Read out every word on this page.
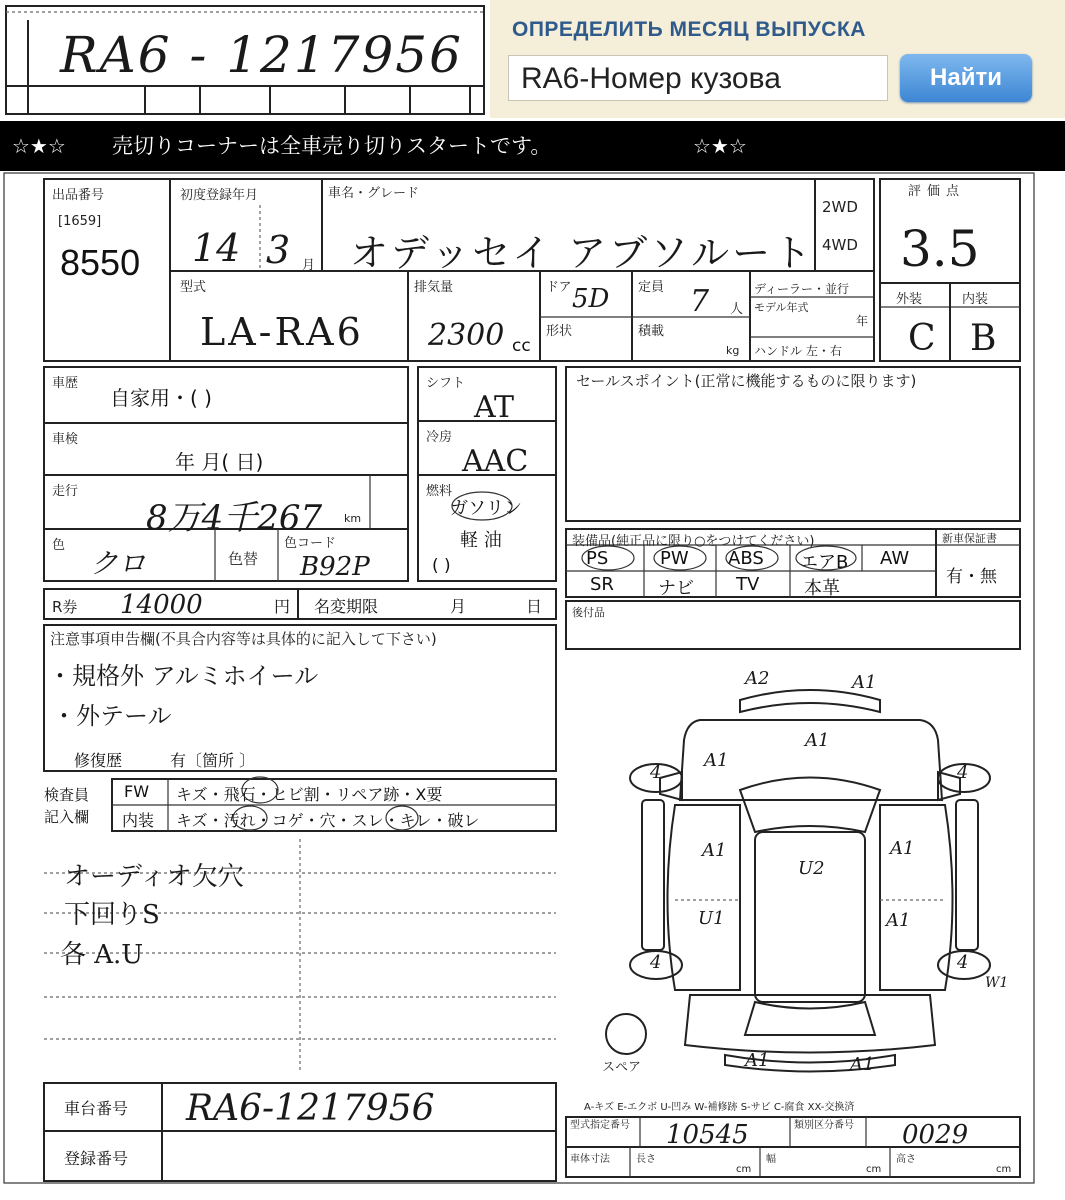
RA6 - 1217956 ОПРЕДЕЛИТЬ МЕСЯЦ ВЫПУСКА
RA6-Номер кузова	Найти
☆★☆ 売切りコーナーは全車売り切りスタートです。	☆★☆
A2	A1
A1
A1
U2
A1	A1
U1	A1
A1	A1
W1
4	4
4	4
スペア
出品番号
[1659]
8550
初度登録年月
14 3 月
車名・グレード
オデッセイ アブソルート
2WD
4WD
評価点
3.5
外装	内装
C B
型式
LA-RA6
排気量
2300 cc
ドア 5D
形状
定員 7 人
積載
kg
ディーラー・並行
モデル年式
年
ハンドル 左・右
車歴
自家用・( )
車検
年 月( 日)
走行
8万4千267 km
色
クロ	色替
色コード
B92P
シフト
AT
冷房
AAC
燃料
ガソリン
軽 油
( )
セールスポイント(正常に機能するものに限ります)
装備品(純正品に限り○をつけてください)
PS	PW ABS エアB AW
SR ナビ TV 本革
新車保証書
有・無
R券 14000	円 名変期限	月	日	後付品
注意事項申告欄(不具合内容等は具体的に記入して下さい)
・規格外 アルミホイール
・外テール
修復歴	有〔箇所 〕
検査員
記入欄
FW キズ・飛石・ヒビ割・リペア跡・X要
内装 キズ・汚れ・コゲ・穴・スレ・キレ・破レ
オーディオ欠穴
下回りS
各 A.U
A-キズ E-エクボ U-凹み W-補修跡 S-サビ C-腐食 XX-交換済
車台番号 RA6-1217956
登録番号
型式指定番号	10545	類別区分番号	0029
車体寸法	長さ
cm
幅
cm
高さ
cm
